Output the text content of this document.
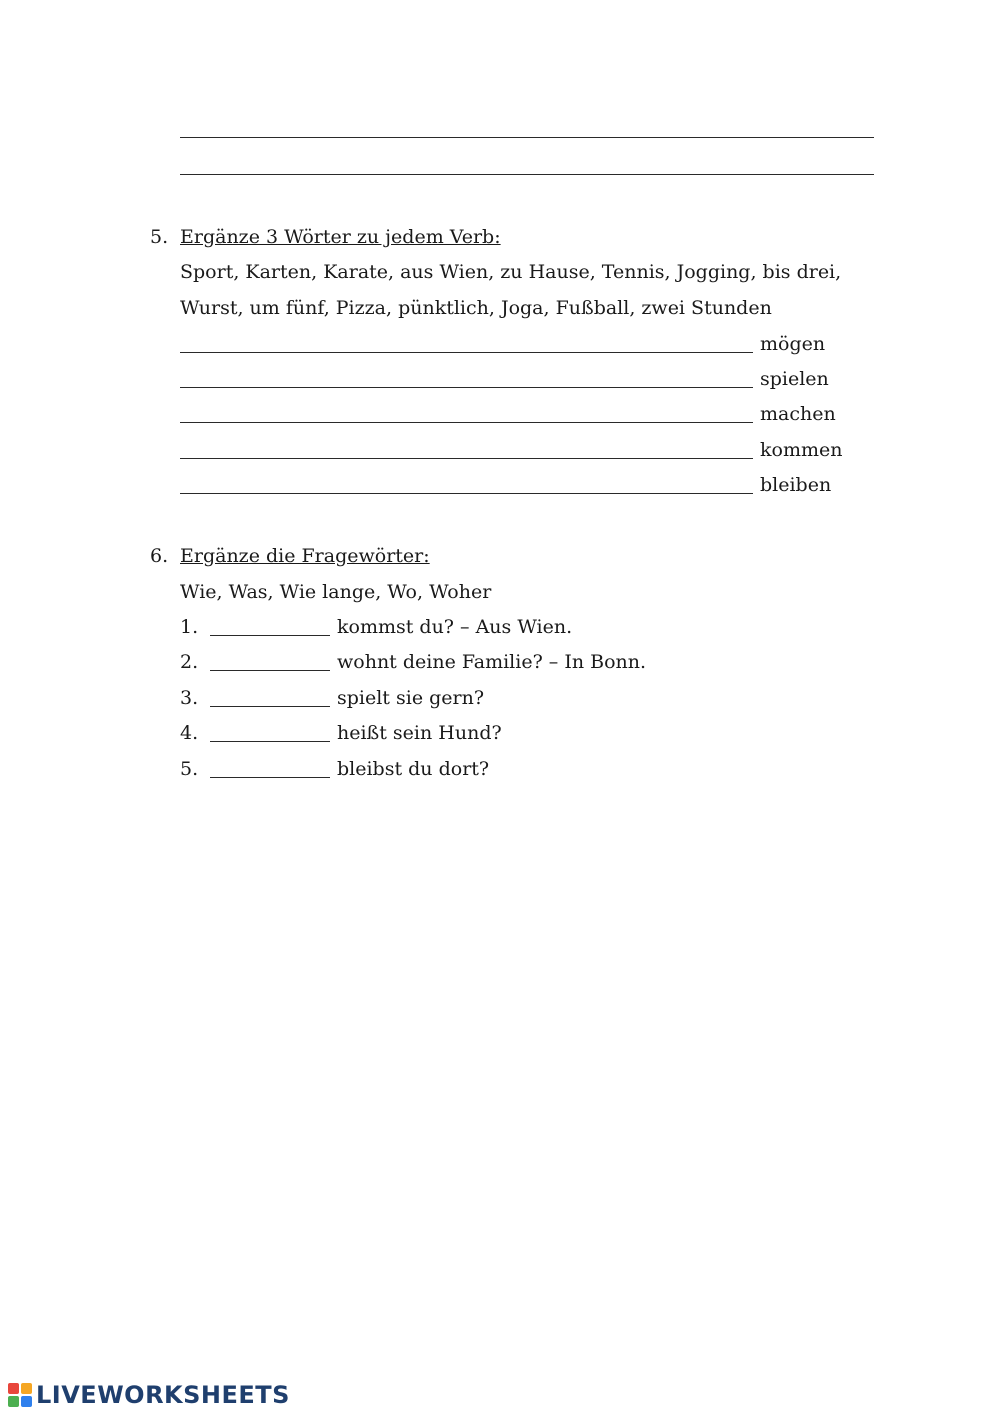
5. Ergänze 3 Wörter zu jedem Verb:
Sport, Karten, Karate, aus Wien, zu Hause, Tennis, Jogging, bis drei,
Wurst, um fünf, Pizza, pünktlich, Joga, Fußball, zwei Stunden
mögen
spielen
machen
kommen
bleiben
6. Ergänze die Fragewörter:
Wie, Was, Wie lange, Wo, Woher
1.	kommst du? – Aus Wien.
2.	wohnt deine Familie? – In Bonn.
3.	spielt sie gern?
4.	heißt sein Hund?
5.	bleibst du dort?
LIVEWORKSHEETS
